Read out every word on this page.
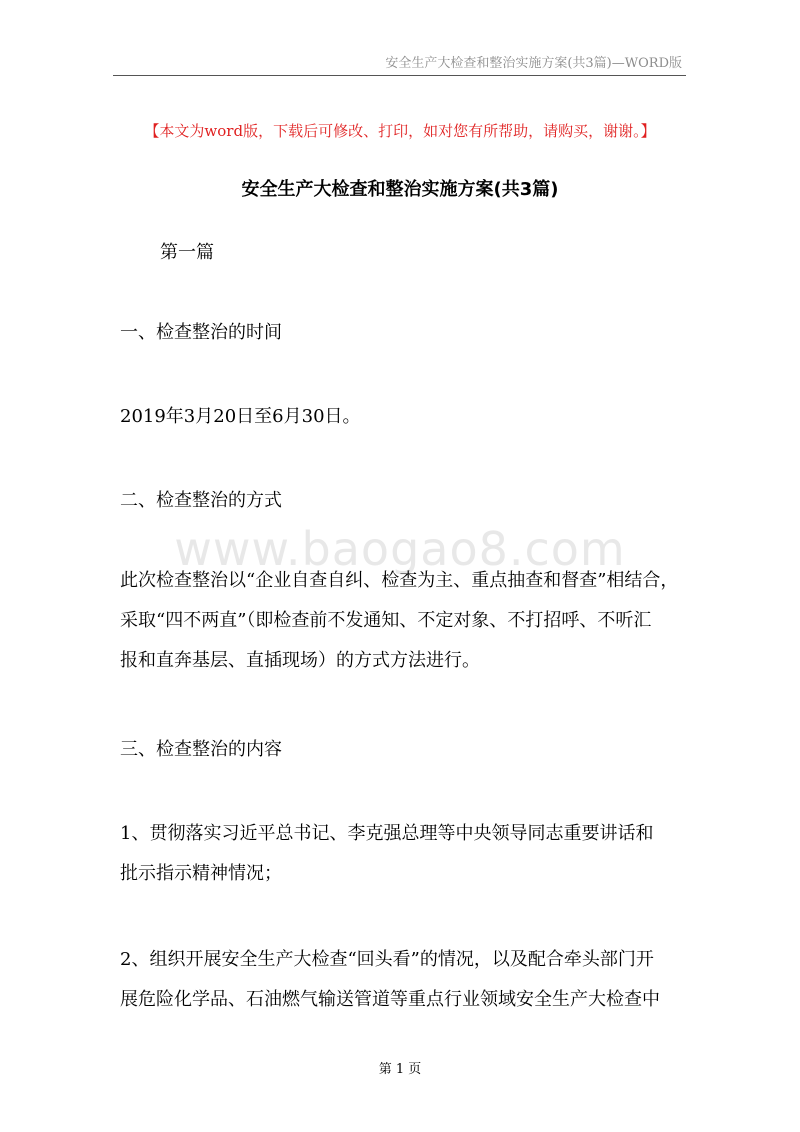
安全生产大检查和整治实施方案(共3篇)—WORD版
【本文为word版，下载后可修改、打印，如对您有所帮助，请购买，谢谢。】
安全生产大检查和整治实施方案(共3篇)
第一篇
www.baogao8.com
一、检查整治的时间
2019年3月20日至6月30日。
二、检查整治的方式
此次检查整治以“企业自查自纠、检查为主、重点抽查和督查”相结合，
采取“四不两直”（即检查前不发通知、不定对象、不打招呼、不听汇
报和直奔基层、直插现场）的方式方法进行。
三、检查整治的内容
1、贯彻落实习近平总书记、李克强总理等中央领导同志重要讲话和
批示指示精神情况；
2、组织开展安全生产大检查“回头看”的情况，以及配合牵头部门开
展危险化学品、石油燃气输送管道等重点行业领域安全生产大检查中
第 1 页
